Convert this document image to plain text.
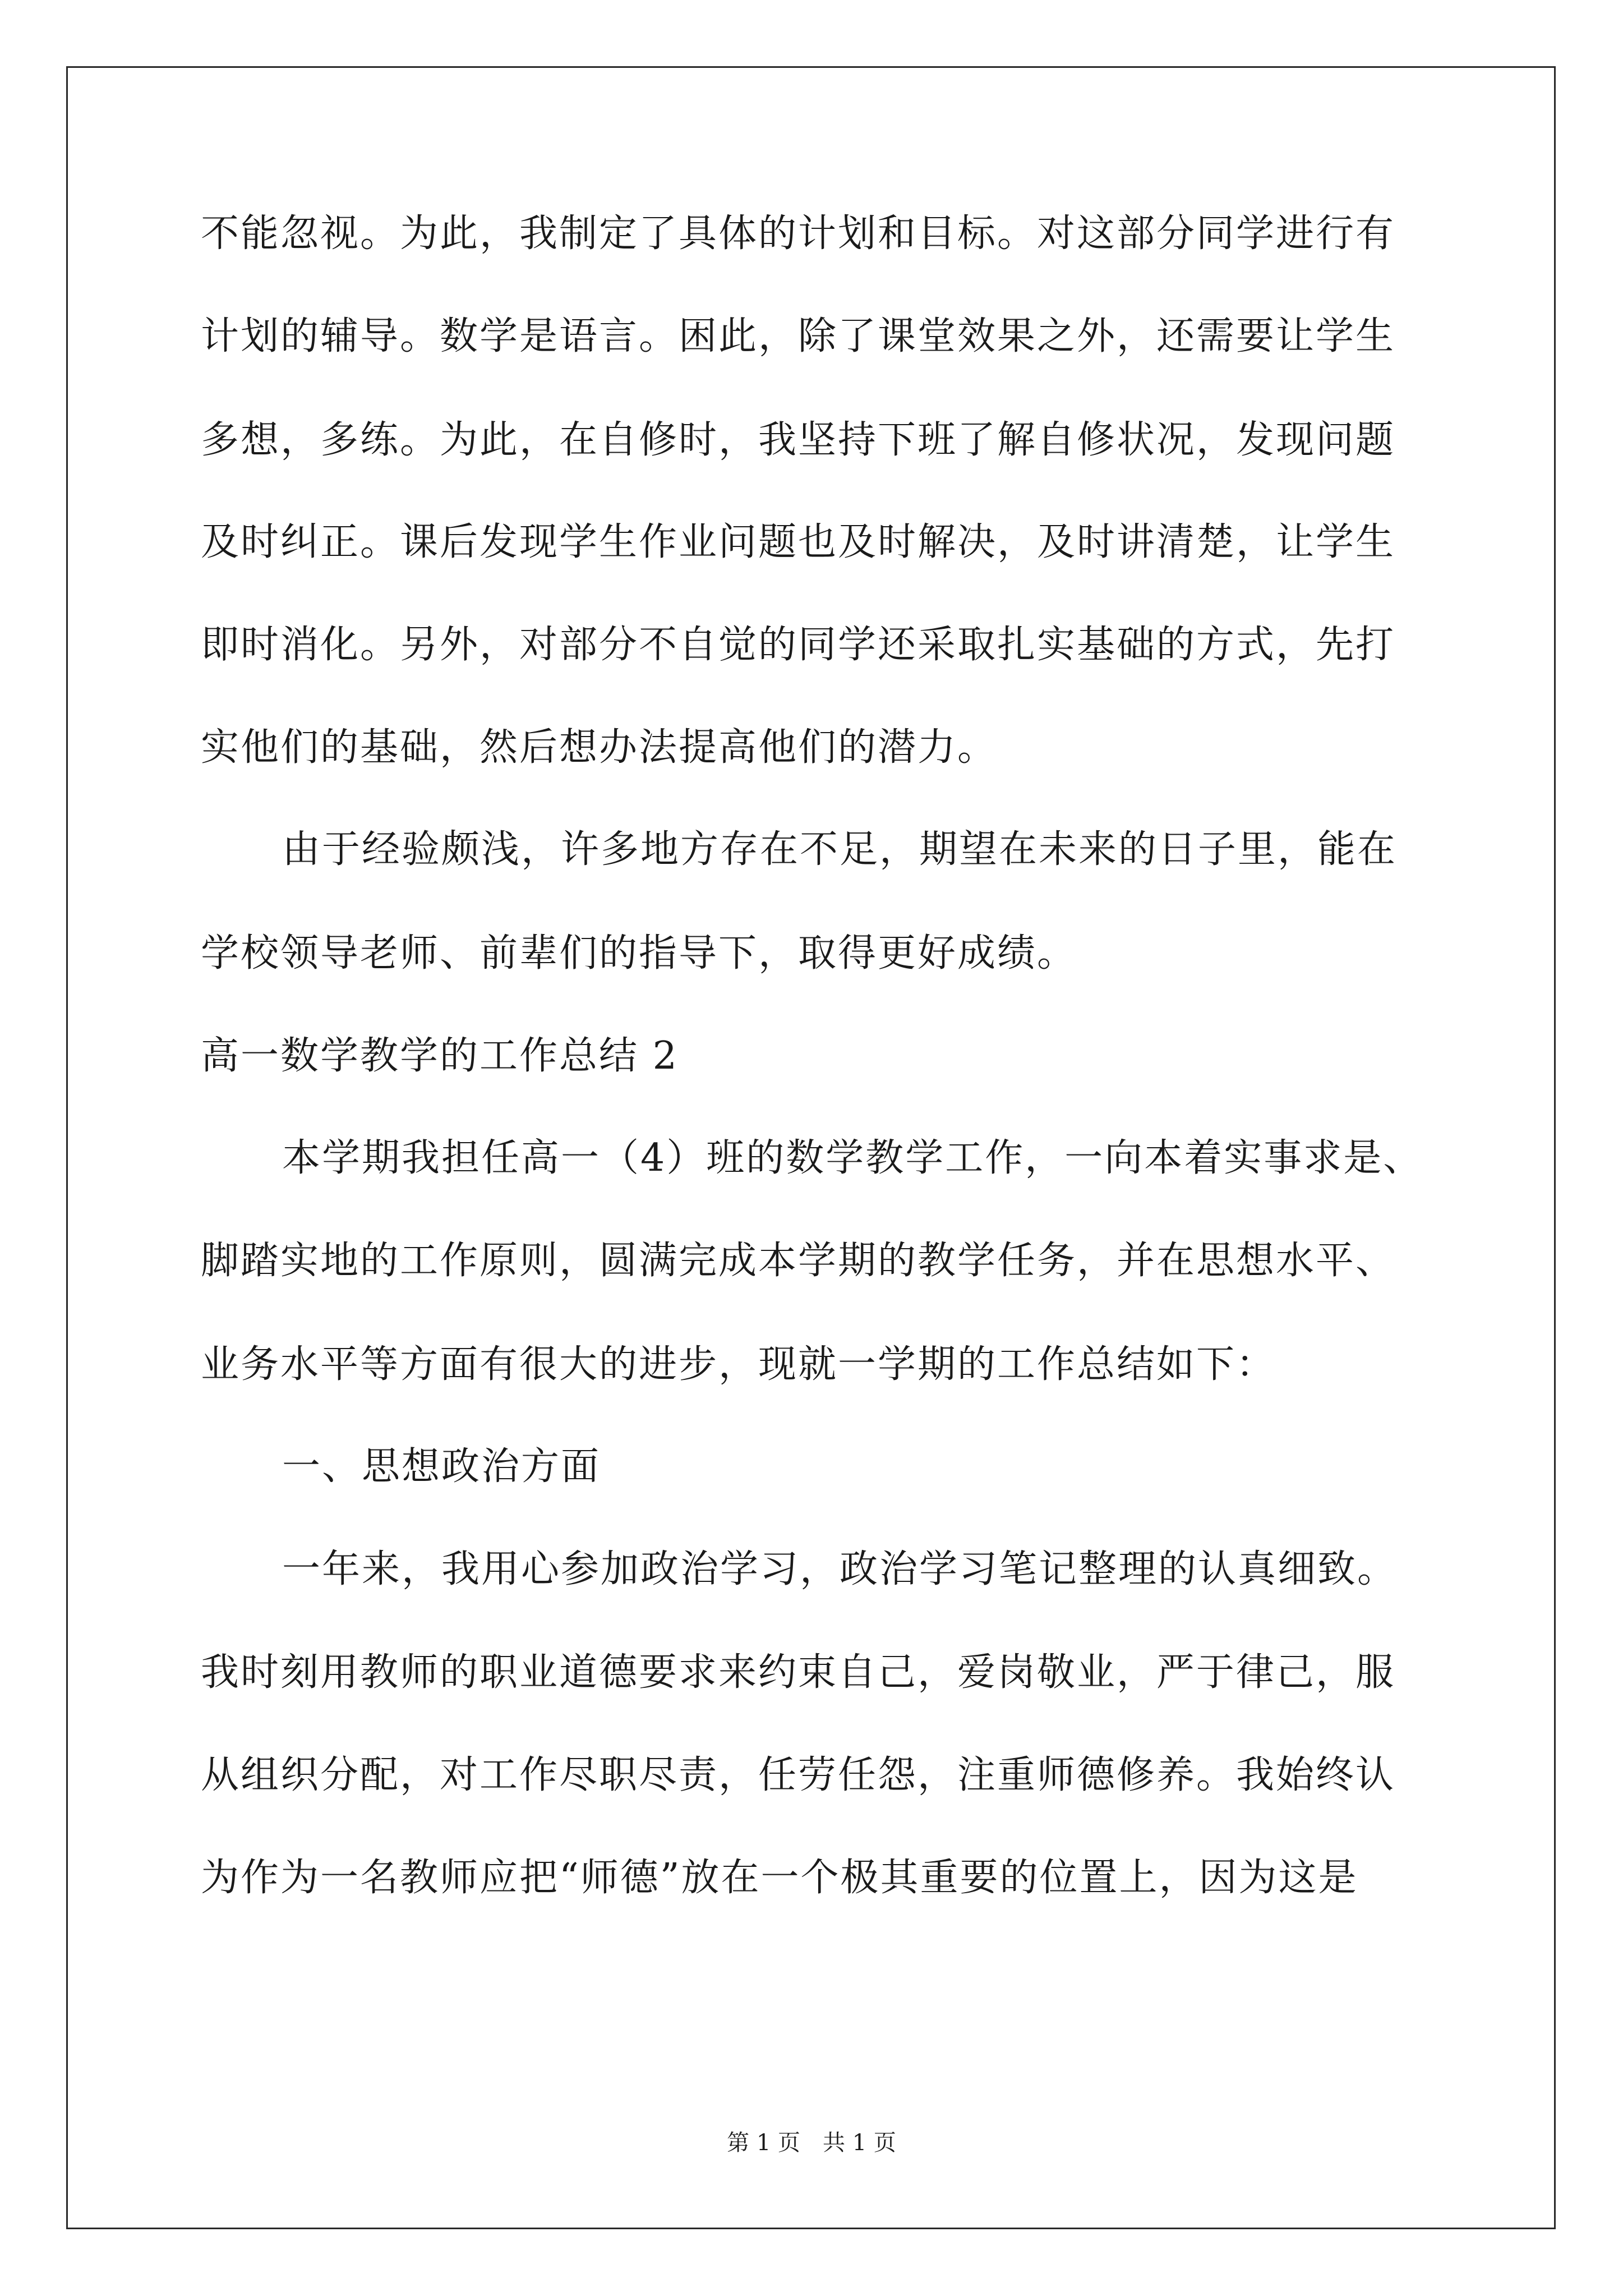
不能忽视。为此，我制定了具体的计划和目标。对这部分同学进行有
计划的辅导。数学是语言。困此，除了课堂效果之外，还需要让学生
多想，多练。为此，在自修时，我坚持下班了解自修状况，发现问题
及时纠正。课后发现学生作业问题也及时解决，及时讲清楚，让学生
即时消化。另外，对部分不自觉的同学还采取扎实基础的方式，先打
实他们的基础，然后想办法提高他们的潜力。
由于经验颇浅，许多地方存在不足，期望在未来的日子里，能在
学校领导老师、前辈们的指导下，取得更好成绩。
高一数学教学的工作总结 2
本学期我担任高一（4）班的数学教学工作，一向本着实事求是、
脚踏实地的工作原则，圆满完成本学期的教学任务，并在思想水平、
业务水平等方面有很大的进步，现就一学期的工作总结如下：
一、思想政治方面
一年来，我用心参加政治学习，政治学习笔记整理的认真细致。
我时刻用教师的职业道德要求来约束自己，爱岗敬业，严于律己，服
从组织分配，对工作尽职尽责，任劳任怨，注重师德修养。我始终认
为作为一名教师应把“师德”放在一个极其重要的位置上，因为这是
第 1 页　共 1 页
